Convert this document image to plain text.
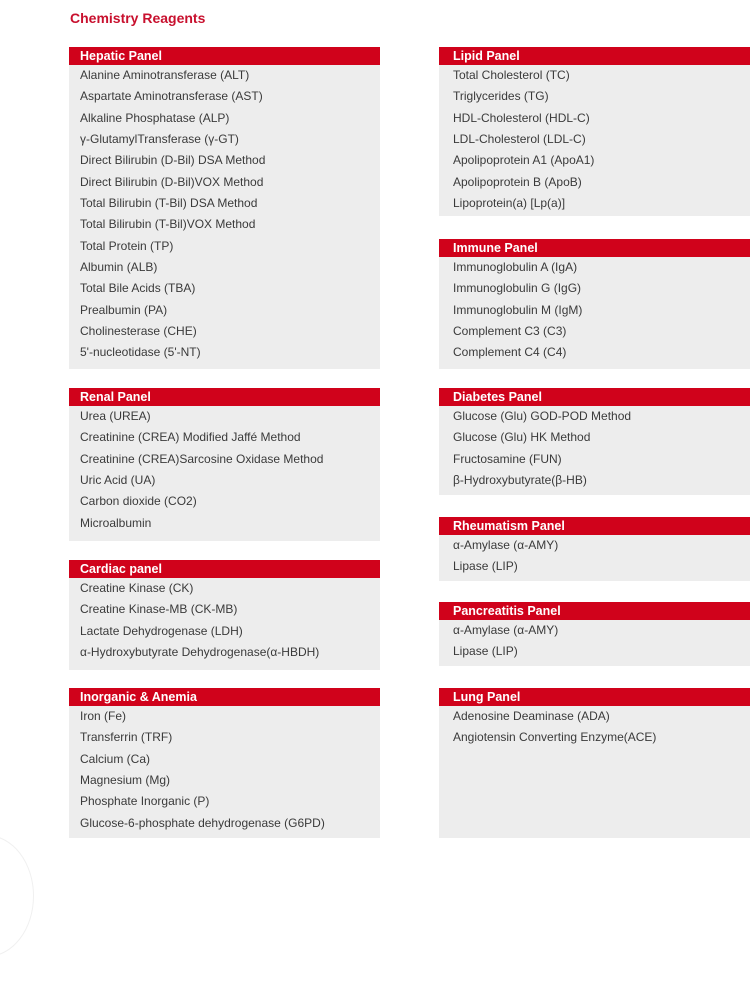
Chemistry Reagents
Hepatic Panel
Alanine Aminotransferase (ALT)
Aspartate Aminotransferase (AST)
Alkaline Phosphatase (ALP)
γ-GlutamylTransferase (γ-GT)
Direct Bilirubin (D-Bil) DSA Method
Direct Bilirubin (D-Bil)VOX Method
Total Bilirubin (T-Bil) DSA Method
Total Bilirubin (T-Bil)VOX Method
Total Protein (TP)
Albumin (ALB)
Total Bile Acids (TBA)
Prealbumin (PA)
Cholinesterase (CHE)
5'-nucleotidase (5'-NT)
Renal Panel
Urea (UREA)
Creatinine (CREA) Modified Jaffé Method
Creatinine (CREA)Sarcosine Oxidase Method
Uric Acid (UA)
Carbon dioxide (CO2)
Microalbumin
Cardiac panel
Creatine Kinase (CK)
Creatine Kinase-MB (CK-MB)
Lactate Dehydrogenase (LDH)
α-Hydroxybutyrate Dehydrogenase(α-HBDH)
Inorganic & Anemia
Iron (Fe)
Transferrin (TRF)
Calcium (Ca)
Magnesium (Mg)
Phosphate Inorganic (P)
Glucose-6-phosphate dehydrogenase (G6PD)
Lipid Panel
Total Cholesterol (TC)
Triglycerides (TG)
HDL-Cholesterol (HDL-C)
LDL-Cholesterol (LDL-C)
Apolipoprotein A1 (ApoA1)
Apolipoprotein B (ApoB)
Lipoprotein(a) [Lp(a)]
Immune Panel
Immunoglobulin A (IgA)
Immunoglobulin G (IgG)
Immunoglobulin M (IgM)
Complement C3 (C3)
Complement C4 (C4)
Diabetes Panel
Glucose (Glu) GOD-POD Method
Glucose (Glu) HK Method
Fructosamine (FUN)
β-Hydroxybutyrate(β-HB)
Rheumatism Panel
α-Amylase (α-AMY)
Lipase (LIP)
Pancreatitis Panel
α-Amylase (α-AMY)
Lipase (LIP)
Lung Panel
Adenosine Deaminase (ADA)
Angiotensin Converting Enzyme(ACE)
